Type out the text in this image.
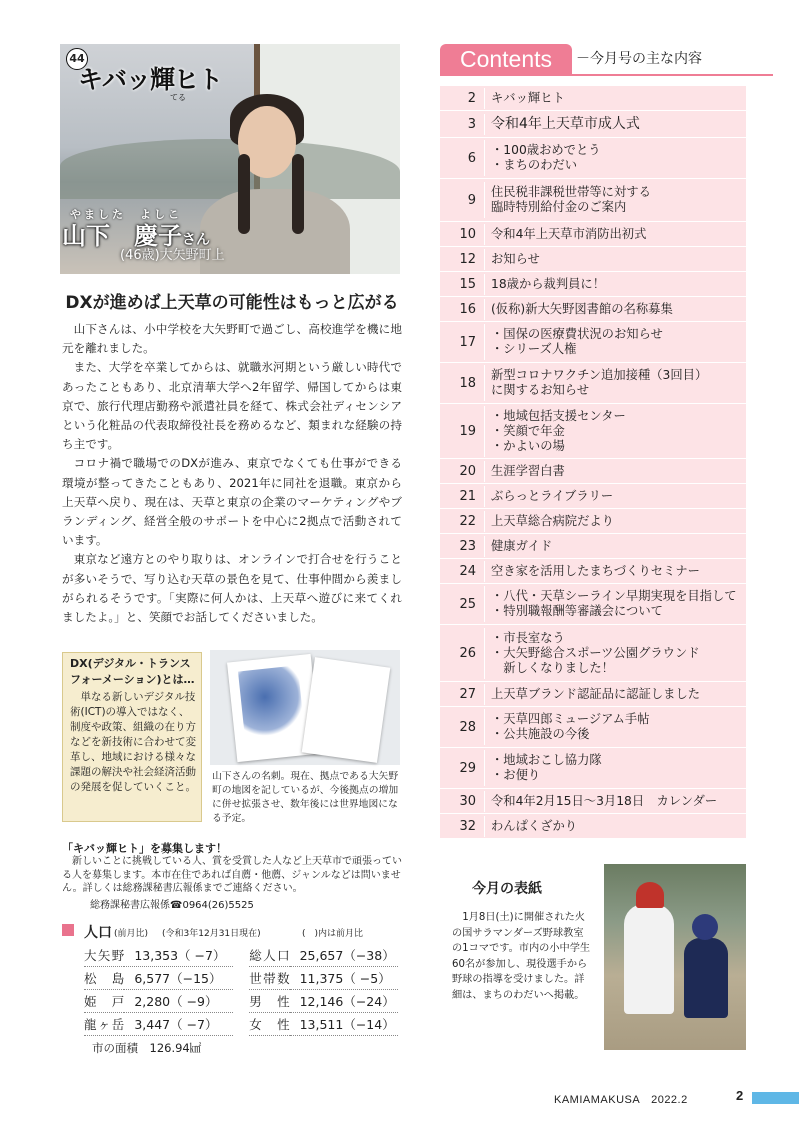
44
キバッ輝ヒト
てる
やました　よしこ
山下　慶子さん
(46歳)大矢野町上
DXが進めば上天草の可能性はもっと広がる

山下さんは、小中学校を大矢野町で過ごし、高校進学を機に地元を離れました。

また、大学を卒業してからは、就職氷河期という厳しい時代であったこともあり、北京清華大学へ2年留学、帰国してからは東京で、旅行代理店勤務や派遣社員を経て、株式会社ディセンシアという化粧品の代表取締役社長を務めるなど、類まれな経験の持ち主です。

コロナ禍で職場でのDXが進み、東京でなくても仕事ができる環境が整ってきたこともあり、2021年に同社を退職。東京から上天草へ戻り、現在は、天草と東京の企業のマーケティングやブランディング、経営全般のサポートを中心に2拠点で活動されています。

東京など遠方とのやり取りは、オンラインで打合せを行うことが多いそうで、写り込む天草の景色を見て、仕事仲間から羨ましがられるそうです。「実際に何人かは、上天草へ遊びに来てくれましたよ。」と、笑顔でお話してくださいました。

DX(デジタル・トランスフォーメーション)とは…
単なる新しいデジタル技術(ICT)の導入ではなく、制度や政策、組織の在り方などを新技術に合わせて変革し、地域における様々な課題の解決や社会経済活動の発展を促していくこと。
山下さんの名刺。現在、拠点である大矢野町の地図を記しているが、今後拠点の増加に併せ拡張させ、数年後には世界地図になる予定。
「キバッ輝ヒト」を募集します！
新しいことに挑戦している人、賞を受賞した人など上天草市で頑張っている人を募集します。本市在住であれば自薦・他薦、ジャンルなどは問いません。詳しくは総務課秘書広報係までご連絡ください。
総務課秘書広報係☎0964(26)5525
人口 (前月比) (令和3年12月31日現在)	(　)内は前月比
大矢野	13,353（ −7）		総人口	25,657（−38）
松島	6,577（−15）		世帯数	11,375（ −5）
姫戸	2,280（ −9）		男性	12,146（−24）
龍ヶ岳	3,447（ −7）		女性	13,511（−14）
市の面積　126.94㎢
Contents	－今月号の主な内容
2	キバッ輝ヒト
3	令和4年上天草市成人式
6
・100歳おめでとう
・まちのわだい
9
住民税非課税世帯等に対する
臨時特別給付金のご案内
10	令和4年上天草市消防出初式
12	お知らせ
15	18歳から裁判員に！
16	(仮称)新大矢野図書館の名称募集
17
・国保の医療費状況のお知らせ
・シリーズ人権
18
新型コロナワクチン追加接種（3回目）
に関するお知らせ
19
・地域包括支援センター
・笑顔で年金
・かよいの場
20	生涯学習白書
21	ぶらっとライブラリー
22	上天草総合病院だより
23	健康ガイド
24	空き家を活用したまちづくりセミナー
25
・八代・天草シーライン早期実現を目指して
・特別職報酬等審議会について
26
・市長室なう
・大矢野総合スポーツ公園グラウンド
　新しくなりました！
27	上天草ブランド認証品に認証しました
28
・天草四郎ミュージアム手帖
・公共施設の今後
29
・地域おこし協力隊
・お便り
30	令和4年2月15日～3月18日　カレンダー
32	わんぱくざかり
今月の表紙
1月8日(土)に開催された火の国サラマンダーズ野球教室の1コマです。市内の小中学生60名が参加し、現役選手から野球の指導を受けました。詳細は、まちのわだいへ掲載。
KAMIAMAKUSA　2022.2	2
